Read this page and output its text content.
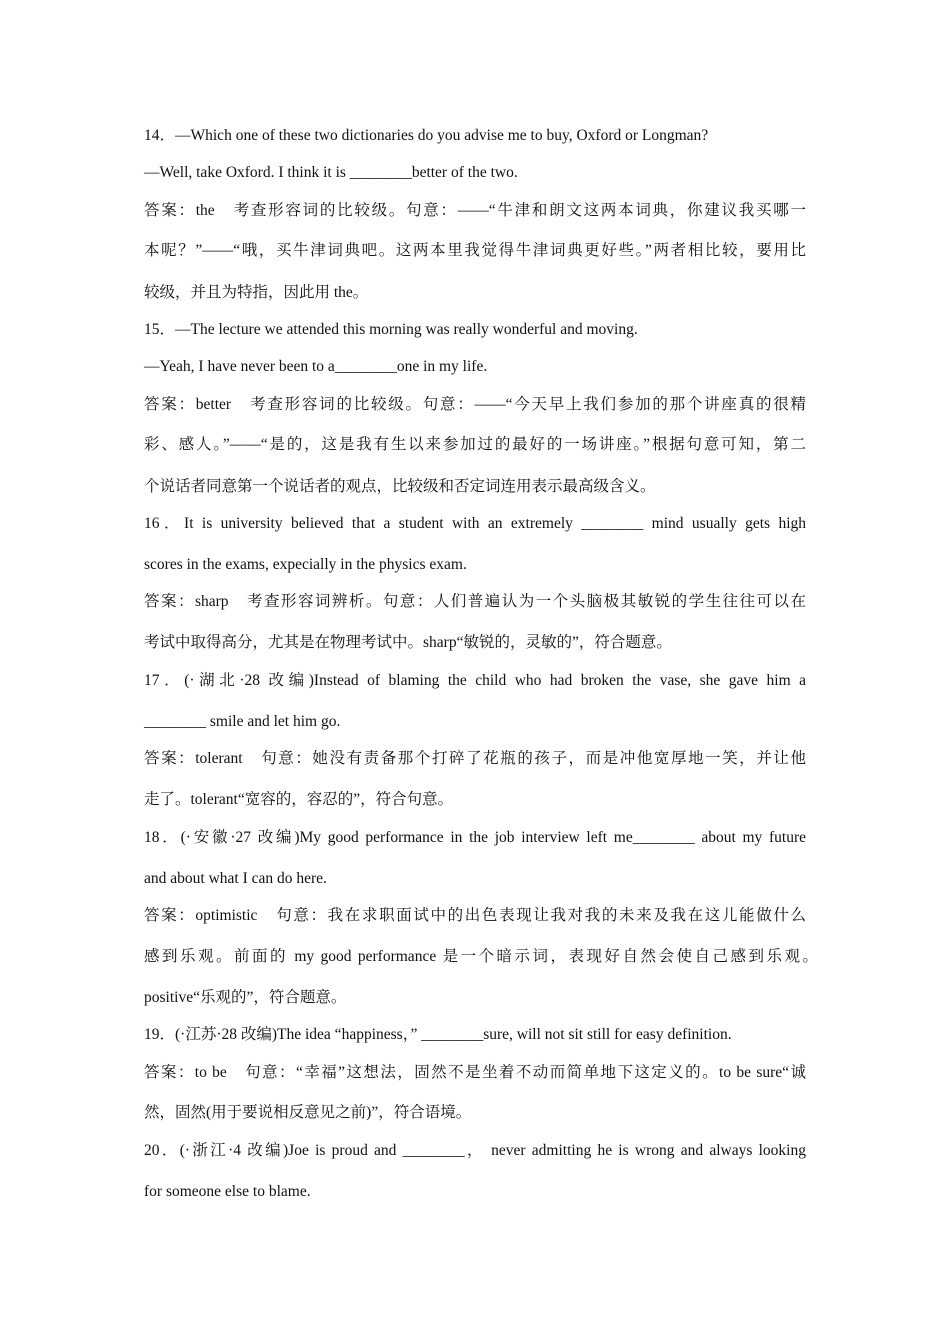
14．—Which one of these two dictionaries do you advise me to buy, Oxford or Longman?
—Well, take Oxford. I think it is ________better of the two.
答案：the　考查形容词的比较级。句意：——“牛津和朗文这两本词典，你建议我买哪一
本呢？”——“哦，买牛津词典吧。这两本里我觉得牛津词典更好些。”两者相比较，要用比
较级，并且为特指，因此用 the。
15．—The lecture we attended this morning was really wonderful and moving.
—Yeah, I have never been to a________one in my life.
答案：better　考查形容词的比较级。句意：——“今天早上我们参加的那个讲座真的很精
彩、感人。”——“是的，这是我有生以来参加过的最好的一场讲座。”根据句意可知，第二
个说话者同意第一个说话者的观点，比较级和否定词连用表示最高级含义。
16．It is university believed that a student with an extremely ________ mind usually gets high
scores in the exams, expecially in the physics exam.
答案：sharp　考查形容词辨析。句意：人们普遍认为一个头脑极其敏锐的学生往往可以在
考试中取得高分，尤其是在物理考试中。sharp“敏锐的，灵敏的”，符合题意。
17．(·湖北·28 改编)Instead of blaming the child who had broken the vase, she gave him a
________ smile and let him go.
答案：tolerant　句意：她没有责备那个打碎了花瓶的孩子，而是冲他宽厚地一笑，并让他
走了。tolerant“宽容的，容忍的”，符合句意。
18．(·安徽·27 改编)My good performance in the job interview left me________ about my future
and about what I can do here.
答案：optimistic　句意：我在求职面试中的出色表现让我对我的未来及我在这儿能做什么
感到乐观。前面的 my good performance 是一个暗示词，表现好自然会使自己感到乐观。
positive“乐观的”，符合题意。
19．(·江苏·28 改编)The idea “happiness，” ________sure, will not sit still for easy definition.
答案：to be　句意：“幸福”这想法，固然不是坐着不动而简单地下这定义的。to be sure“诚
然，固然(用于要说相反意见之前)”，符合语境。
20．(·浙江·4 改编)Joe is proud and ________， never admitting he is wrong and always looking
for someone else to blame.
